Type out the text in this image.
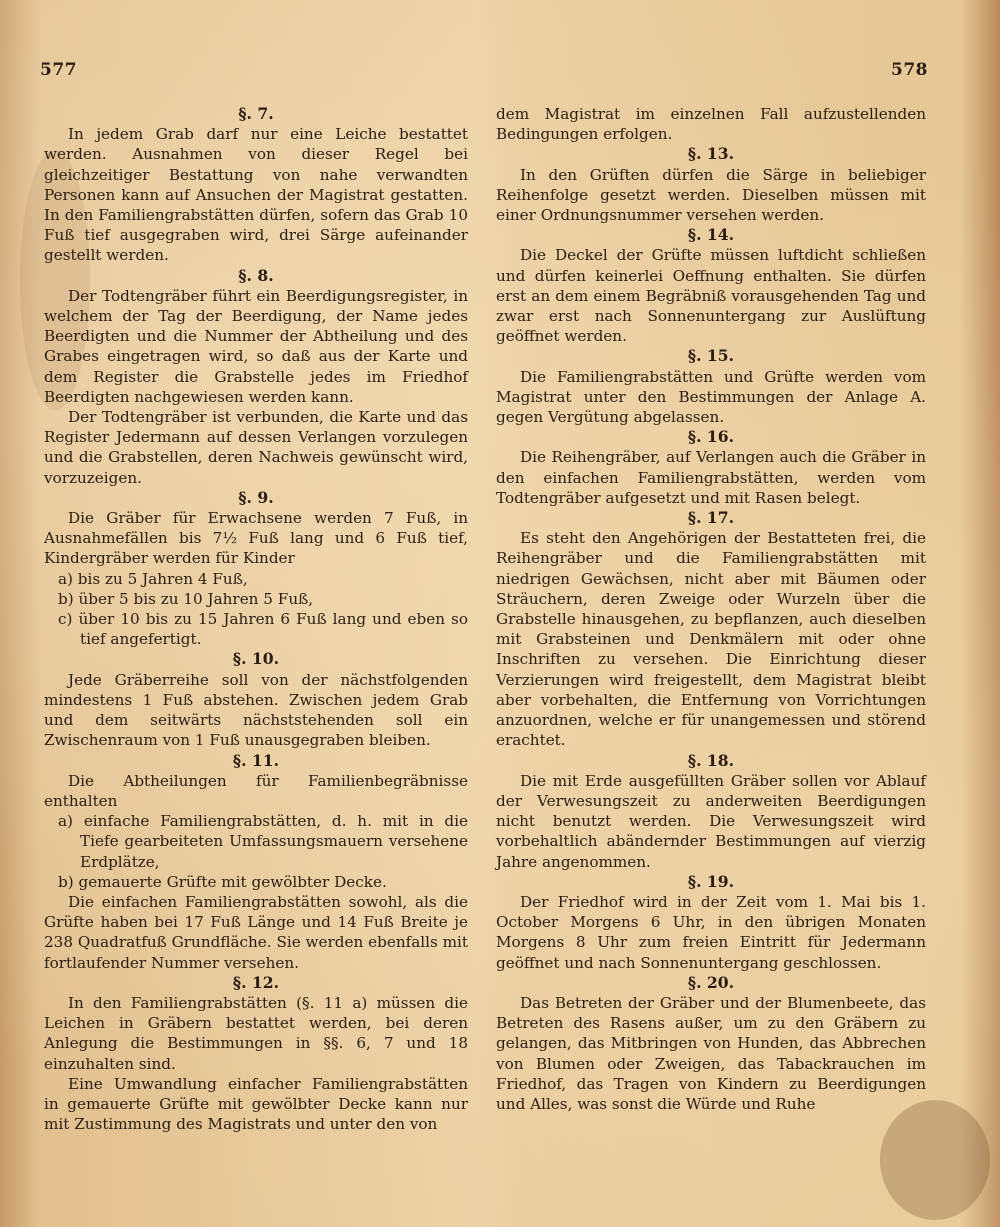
577	578

§. 7.

In jedem Grab darf nur eine Leiche bestattet werden. Ausnahmen von dieser Regel bei gleichzeitiger Bestattung von nahe verwandten Personen kann auf Ansuchen der Magistrat gestatten. In den Familiengrabstätten dürfen, sofern das Grab 10 Fuß tief ausgegraben wird, drei Särge aufeinander gestellt werden.

§. 8.

Der Todtengräber führt ein Beerdigungsregister, in welchem der Tag der Beerdigung, der Name jedes Beerdigten und die Nummer der Abtheilung und des Grabes eingetragen wird, so daß aus der Karte und dem Register die Grabstelle jedes im Friedhof Beerdigten nachgewiesen werden kann.

Der Todtengräber ist verbunden, die Karte und das Register Jedermann auf dessen Verlangen vorzulegen und die Grabstellen, deren Nachweis gewünscht wird, vorzuzeigen.

§. 9.

Die Gräber für Erwachsene werden 7 Fuß, in Ausnahmefällen bis 7½ Fuß lang und 6 Fuß tief, Kindergräber werden für Kinder

a) bis zu 5 Jahren 4 Fuß,

b) über 5 bis zu 10 Jahren 5 Fuß,

c) über 10 bis zu 15 Jahren 6 Fuß lang und eben so tief angefertigt.

§. 10.

Jede Gräberreihe soll von der nächstfolgenden mindestens 1 Fuß abstehen. Zwischen jedem Grab und dem seitwärts nächststehenden soll ein Zwischenraum von 1 Fuß unausgegraben bleiben.

§. 11.

Die Abtheilungen für Familienbegräbnisse enthalten

a) einfache Familiengrabstätten, d. h. mit in die Tiefe gearbeiteten Umfassungsmauern versehene Erdplätze,

b) gemauerte Grüfte mit gewölbter Decke.

Die einfachen Familiengrabstätten sowohl, als die Grüfte haben bei 17 Fuß Länge und 14 Fuß Breite je 238 Quadratfuß Grundfläche. Sie werden ebenfalls mit fortlaufender Nummer versehen.

§. 12.

In den Familiengrabstätten (§. 11 a) müssen die Leichen in Gräbern bestattet werden, bei deren Anlegung die Bestimmungen in §§. 6, 7 und 18 einzuhalten sind.

Eine Umwandlung einfacher Familiengrabstätten in gemauerte Grüfte mit gewölbter Decke kann nur mit Zustimmung des Magistrats und unter den von

dem Magistrat im einzelnen Fall aufzustellenden Bedingungen erfolgen.

§. 13.

In den Grüften dürfen die Särge in beliebiger Reihenfolge gesetzt werden. Dieselben müssen mit einer Ordnungsnummer versehen werden.

§. 14.

Die Deckel der Grüfte müssen luftdicht schließen und dürfen keinerlei Oeffnung enthalten. Sie dürfen erst an dem einem Begräbniß vorausgehenden Tag und zwar erst nach Sonnenuntergang zur Auslüftung geöffnet werden.

§. 15.

Die Familiengrabstätten und Grüfte werden vom Magistrat unter den Bestimmungen der Anlage A. gegen Vergütung abgelassen.

§. 16.

Die Reihengräber, auf Verlangen auch die Gräber in den einfachen Familiengrabstätten, werden vom Todtengräber aufgesetzt und mit Rasen belegt.

§. 17.

Es steht den Angehörigen der Bestatteten frei, die Reihengräber und die Familiengrabstätten mit niedrigen Gewächsen, nicht aber mit Bäumen oder Sträuchern, deren Zweige oder Wurzeln über die Grabstelle hinausgehen, zu bepflanzen, auch dieselben mit Grabsteinen und Denkmälern mit oder ohne Inschriften zu versehen. Die Einrichtung dieser Verzierungen wird freigestellt, dem Magistrat bleibt aber vorbehalten, die Entfernung von Vorrichtungen anzuordnen, welche er für unangemessen und störend erachtet.

§. 18.

Die mit Erde ausgefüllten Gräber sollen vor Ablauf der Verwesungszeit zu anderweiten Beerdigungen nicht benutzt werden. Die Verwesungszeit wird vorbehaltlich abändernder Bestimmungen auf vierzig Jahre angenommen.

§. 19.

Der Friedhof wird in der Zeit vom 1. Mai bis 1. October Morgens 6 Uhr, in den übrigen Monaten Morgens 8 Uhr zum freien Eintritt für Jedermann geöffnet und nach Sonnenuntergang geschlossen.

§. 20.

Das Betreten der Gräber und der Blumenbeete, das Betreten des Rasens außer, um zu den Gräbern zu gelangen, das Mitbringen von Hunden, das Abbrechen von Blumen oder Zweigen, das Tabackrauchen im Friedhof, das Tragen von Kindern zu Beerdigungen und Alles, was sonst die Würde und Ruhe
